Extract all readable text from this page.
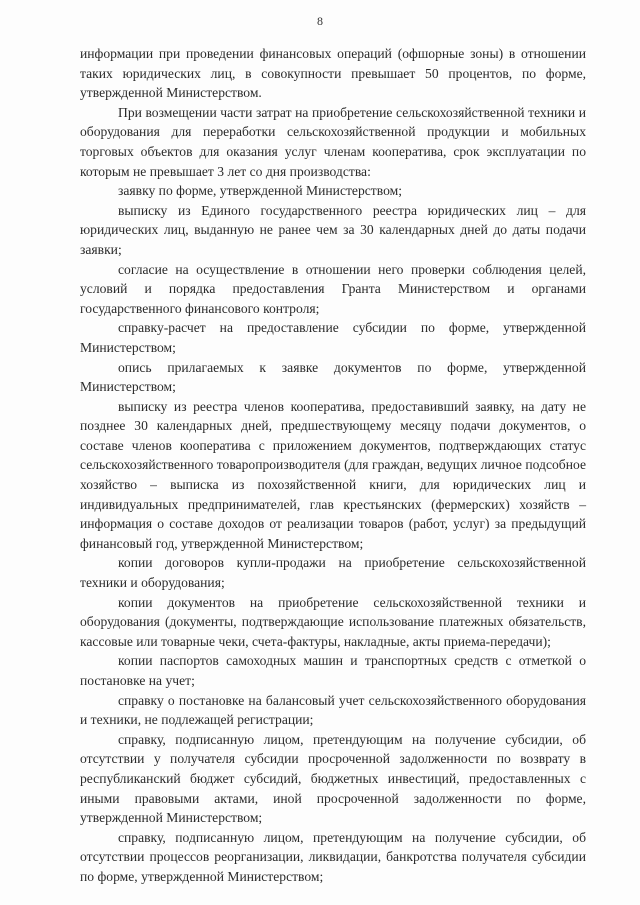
8

информации при проведении финансовых операций (офшорные зоны) в отношении таких юридических лиц, в совокупности превышает 50 процентов, по форме, утвержденной Министерством.

При возмещении части затрат на приобретение сельскохозяйственной техники и оборудования для переработки сельскохозяйственной продукции и мобильных торговых объектов для оказания услуг членам кооператива, срок эксплуатации по которым не превышает 3 лет со дня производства:

заявку по форме, утвержденной Министерством;

выписку из Единого государственного реестра юридических лиц – для юридических лиц, выданную не ранее чем за 30 календарных дней до даты подачи заявки;

согласие на осуществление в отношении него проверки соблюдения целей, условий и порядка предоставления Гранта Министерством и органами государственного финансового контроля;

справку-расчет на предоставление субсидии по форме, утвержденной Министерством;

опись прилагаемых к заявке документов по форме, утвержденной Министерством;

выписку из реестра членов кооператива, предоставивший заявку, на дату не позднее 30 календарных дней, предшествующему месяцу подачи документов, о составе членов кооператива с приложением документов, подтверждающих статус сельскохозяйственного товаропроизводителя (для граждан, ведущих личное подсобное хозяйство – выписка из похозяйственной книги, для юридических лиц и индивидуальных предпринимателей, глав крестьянских (фермерских) хозяйств – информация о составе доходов от реализации товаров (работ, услуг) за предыдущий финансовый год, утвержденной Министерством;

копии договоров купли-продажи на приобретение сельскохозяйственной техники и оборудования;

копии документов на приобретение сельскохозяйственной техники и оборудования (документы, подтверждающие использование платежных обязательств, кассовые или товарные чеки, счета-фактуры, накладные, акты приема-передачи);

копии паспортов самоходных машин и транспортных средств с отметкой о постановке на учет;

справку о постановке на балансовый учет сельскохозяйственного оборудования и техники, не подлежащей регистрации;

справку, подписанную лицом, претендующим на получение субсидии, об отсутствии у получателя субсидии просроченной задолженности по возврату в республиканский бюджет субсидий, бюджетных инвестиций, предоставленных с иными правовыми актами, иной просроченной задолженности по форме, утвержденной Министерством;

справку, подписанную лицом, претендующим на получение субсидии, об отсутствии процессов реорганизации, ликвидации, банкротства получателя субсидии по форме, утвержденной Министерством;
